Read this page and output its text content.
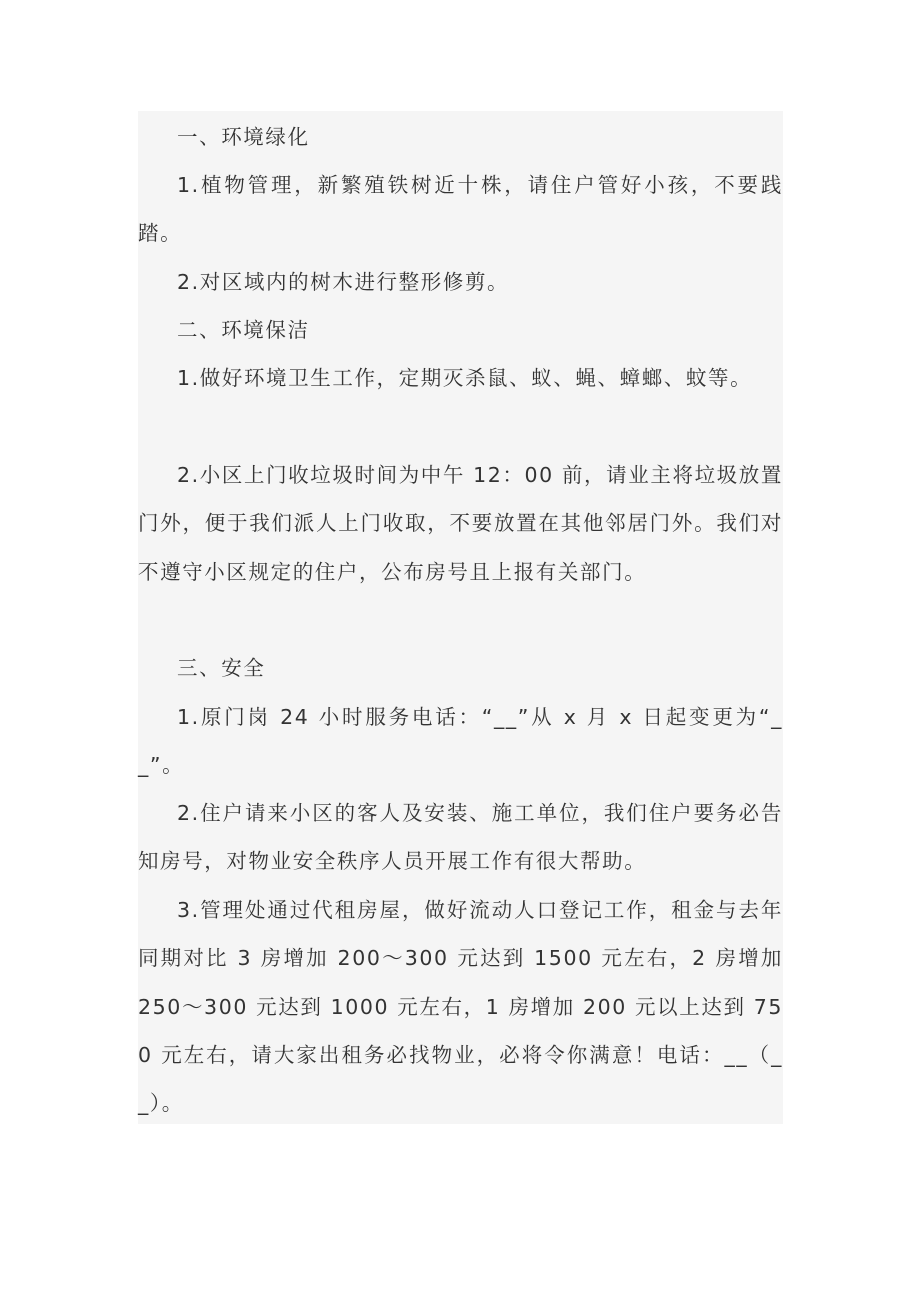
一、环境绿化

1.植物管理，新繁殖铁树近十株，请住户管好小孩，不要践踏。

2.对区域内的树木进行整形修剪。

二、环境保洁

1.做好环境卫生工作，定期灭杀鼠、蚁、蝇、蟑螂、蚊等。

2.小区上门收垃圾时间为中午 12：00 前，请业主将垃圾放置门外，便于我们派人上门收取，不要放置在其他邻居门外。我们对不遵守小区规定的住户，公布房号且上报有关部门。

三、安全

1.原门岗 24 小时服务电话：“__”从 x 月 x 日起变更为“__”。

2.住户请来小区的客人及安装、施工单位，我们住户要务必告知房号，对物业安全秩序人员开展工作有很大帮助。

3.管理处通过代租房屋，做好流动人口登记工作，租金与去年同期对比 3 房增加 200～300 元达到 1500 元左右，2 房增加 250～300 元达到 1000 元左右，1 房增加 200 元以上达到 750 元左右，请大家出租务必找物业，必将令你满意！电话：__（__）。
